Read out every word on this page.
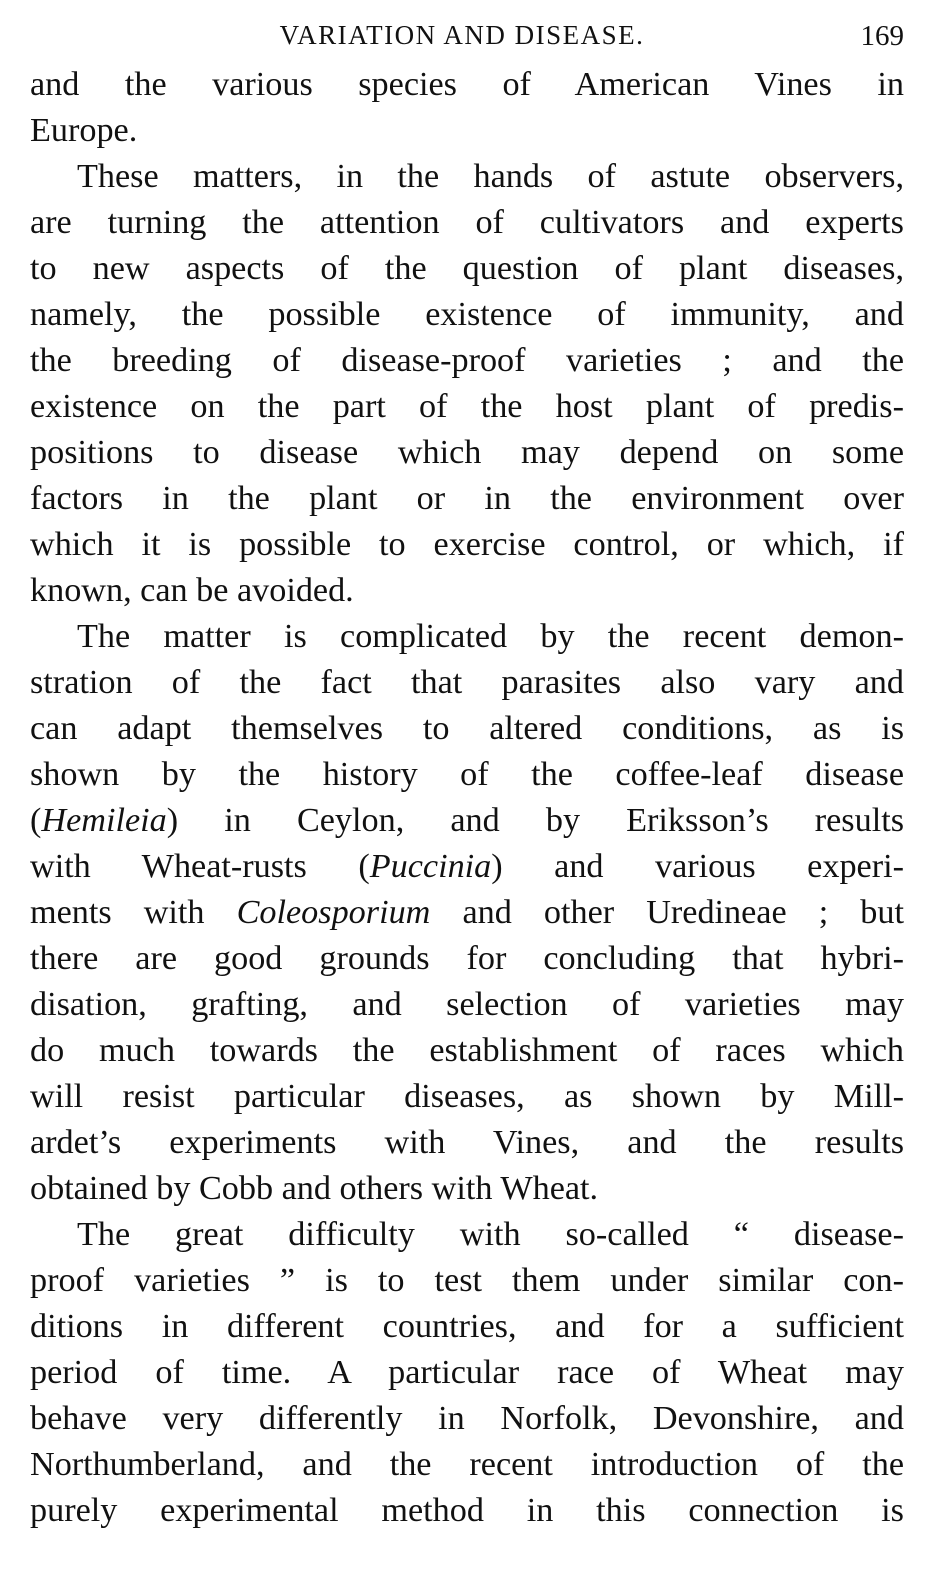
VARIATION AND DISEASE.	169
and the various species of American Vines in
Europe.
These matters, in the hands of astute observers,
are turning the attention of cultivators and experts
to new aspects of the question of plant diseases,
namely, the possible existence of immunity, and
the breeding of disease-proof varieties ; and the
existence on the part of the host plant of predis-
positions to disease which may depend on some
factors in the plant or in the environment over
which it is possible to exercise control, or which, if
known, can be avoided.
The matter is complicated by the recent demon-
stration of the fact that parasites also vary and
can adapt themselves to altered conditions, as is
shown by the history of the coffee-leaf disease
(Hemileia) in Ceylon, and by Eriksson’s results
with Wheat-rusts (Puccinia) and various experi-
ments with Coleosporium and other Uredineae ; but
there are good grounds for concluding that hybri-
disation, grafting, and selection of varieties may
do much towards the establishment of races which
will resist particular diseases, as shown by Mill-
ardet’s experiments with Vines, and the results
obtained by Cobb and others with Wheat.
The great difficulty with so-called “ disease-
proof varieties ” is to test them under similar con-
ditions in different countries, and for a sufficient
period of time. A particular race of Wheat may
behave very differently in Norfolk, Devonshire, and
Northumberland, and the recent introduction of the
purely experimental method in this connection is
